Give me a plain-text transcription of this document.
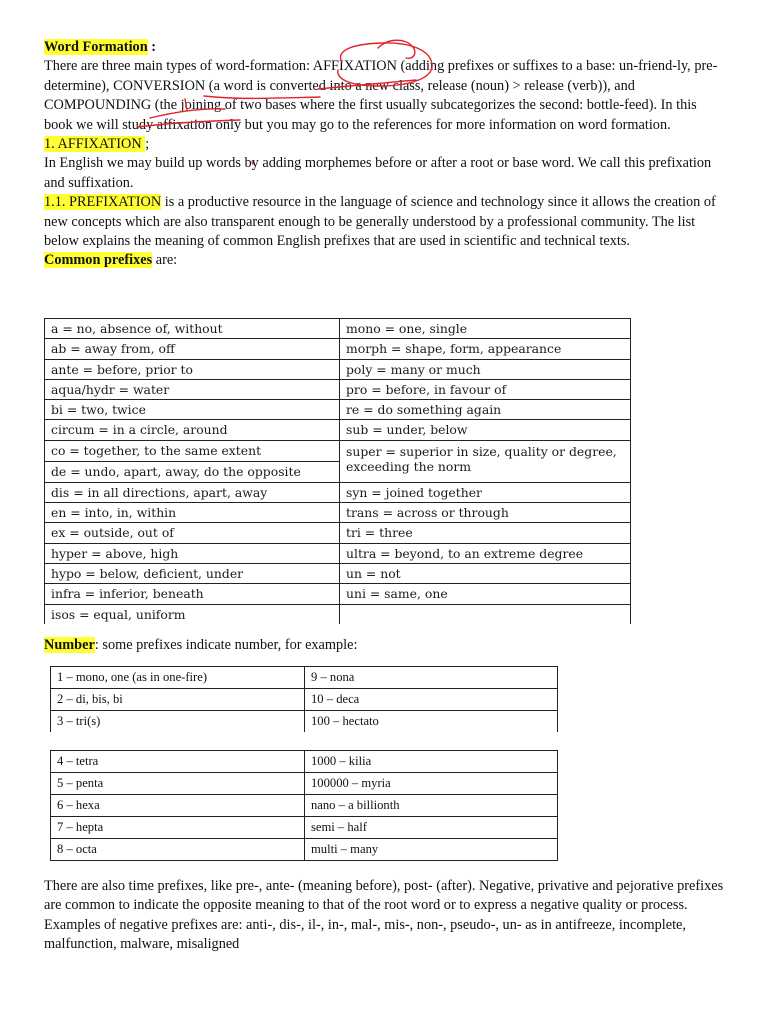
Word Formation :

There are three main types of word-formation: AFFIXATION (adding prefixes or suffixes to a base: un-friend-ly, pre-determine), CONVERSION (a word is converted into a new class, release (noun) > release (verb)), and COMPOUNDING (the joining of two bases where the first usually subcategorizes the second: bottle-feed). In this book we will study affixation only but you may go to the references for more information on word formation.

1. AFFIXATION ;

In English we may build up words by adding morphemes before or after a root or base word. We call this prefixation and suffixation.

1.1. PREFIXATION is a productive resource in the language of science and technology since it allows the creation of new concepts which are also transparent enough to be generally understood by a professional community. The list below explains the meaning of common English prefixes that are used in scientific and technical texts.

Common prefixes are:

a = no, absence of, without	mono = one, single
ab = away from, off	morph = shape, form, appearance
ante = before, prior to	poly = many or much
aqua/hydr = water	pro = before, in favour of
bi = two, twice	re = do something again
circum = in a circle, around	sub = under, below
co = together, to the same extent	super = superior in size, quality or degree, exceeding the norm
de = undo, apart, away, do the opposite	
dis = in all directions, apart, away	syn = joined together
en = into, in, within	trans = across or through
ex = outside, out of	tri = three
hyper = above, high	ultra = beyond, to an extreme degree
hypo = below, deficient, under	un = not
infra = inferior, beneath	uni = same, one
isos = equal, uniform	

Number: some prefixes indicate number, for example:

1 – mono, one (as in one-fire)	9 – nona
2 – di, bis, bi	10 – deca
3 – tri(s)	100 – hectato
4 – tetra	1000 – kilia
5 – penta	100000 – myria
6 – hexa	nano – a billionth
7 – hepta	semi – half
8 – octa	multi – many

There are also time prefixes, like pre-, ante- (meaning before), post- (after). Negative, privative and pejorative prefixes are common to indicate the opposite meaning to that of the root word or to express a negative quality or process. Examples of negative prefixes are: anti-, dis-, il-, in-, mal-, mis-, non-, pseudo-, un- as in antifreeze, incomplete, malfunction, malware, misaligned
